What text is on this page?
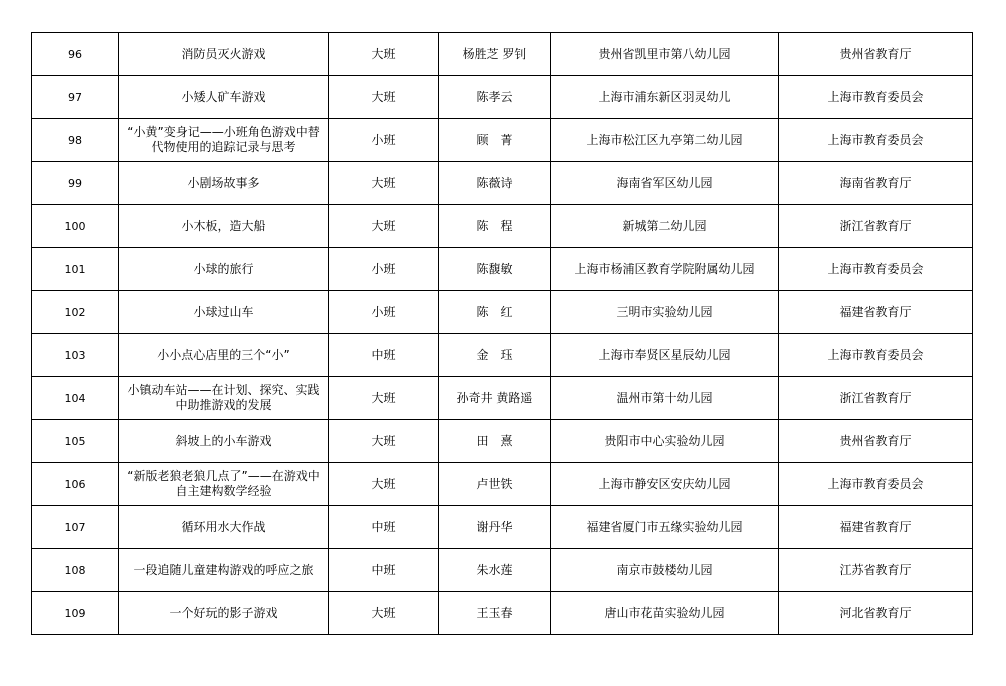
96	消防员灭火游戏	大班	杨胜芝 罗钊	贵州省凯里市第八幼儿园	贵州省教育厅
97	小矮人矿车游戏	大班	陈孝云	上海市浦东新区羽灵幼儿	上海市教育委员会
98	“小黄”变身记——小班角色游戏中替代物使用的追踪记录与思考	小班	顾　菁	上海市松江区九亭第二幼儿园	上海市教育委员会
99	小剧场故事多	大班	陈薇诗	海南省军区幼儿园	海南省教育厅
100	小木板，造大船	大班	陈　程	新城第二幼儿园	浙江省教育厅
101	小球的旅行	小班	陈馥敏	上海市杨浦区教育学院附属幼儿园	上海市教育委员会
102	小球过山车	小班	陈　红	三明市实验幼儿园	福建省教育厅
103	小小点心店里的三个“小”	中班	金　珏	上海市奉贤区星辰幼儿园	上海市教育委员会
104	小镇动车站——在计划、探究、实践中助推游戏的发展	大班	孙奇井 黄路遥	温州市第十幼儿园	浙江省教育厅
105	斜坡上的小车游戏	大班	田　熹	贵阳市中心实验幼儿园	贵州省教育厅
106	“新版老狼老狼几点了”——在游戏中自主建构数学经验	大班	卢世铁	上海市静安区安庆幼儿园	上海市教育委员会
107	循环用水大作战	中班	谢丹华	福建省厦门市五缘实验幼儿园	福建省教育厅
108	一段追随儿童建构游戏的呼应之旅	中班	朱水莲	南京市鼓楼幼儿园	江苏省教育厅
109	一个好玩的影子游戏	大班	王玉春	唐山市花苗实验幼儿园	河北省教育厅
